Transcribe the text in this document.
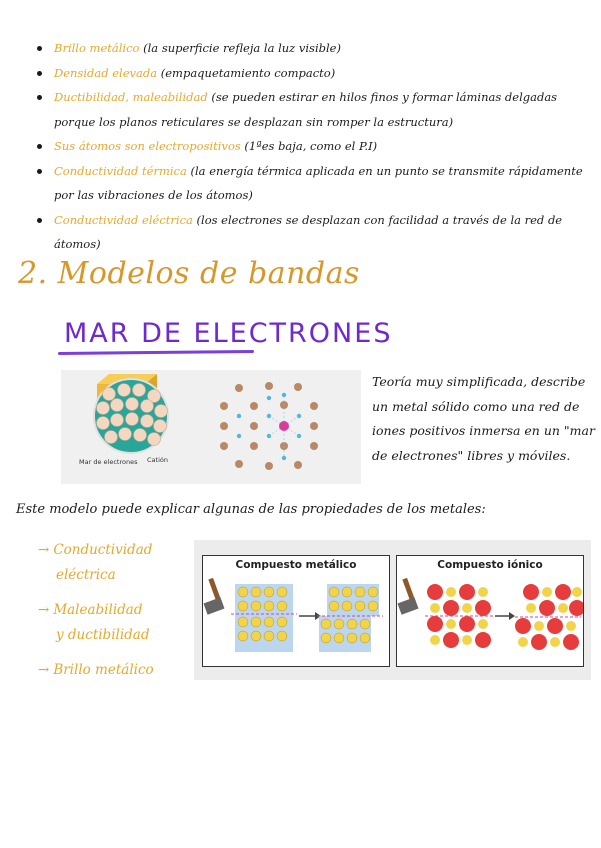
Brillo metálico (la superficie refleja la luz visible)
Densidad elevada (empaquetamiento compacto)
Ductibilidad, maleabilidad (se pueden estirar en hilos finos y formar láminas delgadas porque los planos reticulares se desplazan sin romper la estructura)
Sus átomos son electropositivos (1ªes baja, como el P.I)
Conductividad térmica (la energía térmica aplicada en un punto se transmite rápidamente por las vibraciones de los átomos)
Conductividad eléctrica (los electrones se desplazan con facilidad a través de la red de átomos)
2. Modelos de bandas
MAR DE ELECTRONES
Mar de electrones Catión
Teoría muy simplificada, describe un metal sólido como una red de iones positivos inmersa en un "mar de electrones" libres y móviles.
Este modelo puede explicar algunas de las propiedades de los metales:
→ Conductividad
eléctrica
→ Maleabilidad
y ductibilidad
→ Brillo metálico
Compuesto metálico	Compuesto iónico
